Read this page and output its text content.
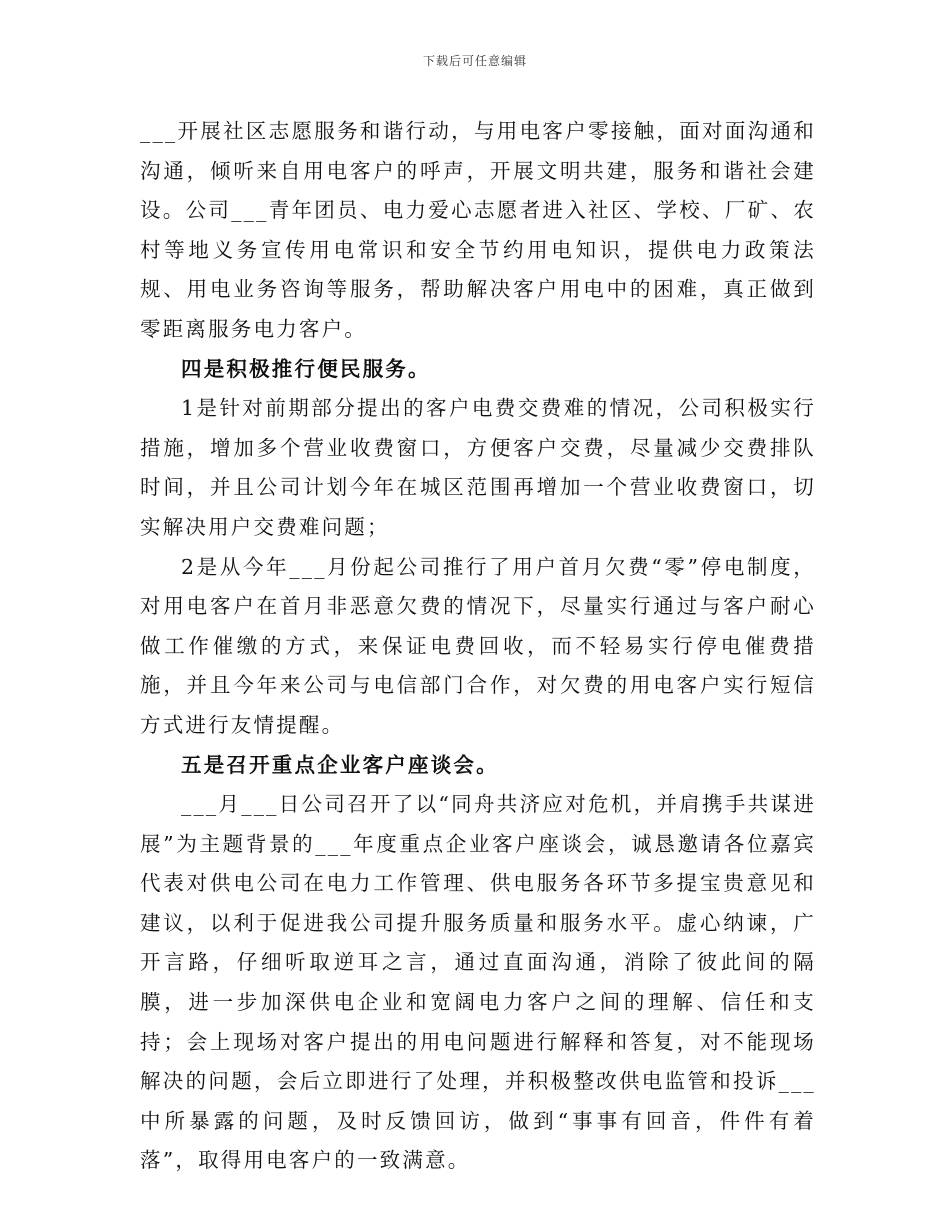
下载后可任意编辑

___开展社区志愿服务和谐行动，与用电客户零接触，面对面沟通和沟通，倾听来自用电客户的呼声，开展文明共建，服务和谐社会建设。公司___青年团员、电力爱心志愿者进入社区、学校、厂矿、农村等地义务宣传用电常识和安全节约用电知识，提供电力政策法规、用电业务咨询等服务，帮助解决客户用电中的困难，真正做到零距离服务电力客户。

四是积极推行便民服务。

1是针对前期部分提出的客户电费交费难的情况，公司积极实行措施，增加多个营业收费窗口，方便客户交费，尽量减少交费排队时间，并且公司计划今年在城区范围再增加一个营业收费窗口，切实解决用户交费难问题；

2是从今年___月份起公司推行了用户首月欠费“零”停电制度，对用电客户在首月非恶意欠费的情况下，尽量实行通过与客户耐心做工作催缴的方式，来保证电费回收，而不轻易实行停电催费措施，并且今年来公司与电信部门合作，对欠费的用电客户实行短信方式进行友情提醒。

五是召开重点企业客户座谈会。

___月___日公司召开了以“同舟共济应对危机，并肩携手共谋进展”为主题背景的___年度重点企业客户座谈会，诚恳邀请各位嘉宾代表对供电公司在电力工作管理、供电服务各环节多提宝贵意见和建议，以利于促进我公司提升服务质量和服务水平。虚心纳谏，广开言路，仔细听取逆耳之言，通过直面沟通，消除了彼此间的隔膜，进一步加深供电企业和宽阔电力客户之间的理解、信任和支持；会上现场对客户提出的用电问题进行解释和答复，对不能现场解决的问题，会后立即进行了处理，并积极整改供电监管和投诉___中所暴露的问题，及时反馈回访，做到“事事有回音，件件有着落”，取得用电客户的一致满意。
